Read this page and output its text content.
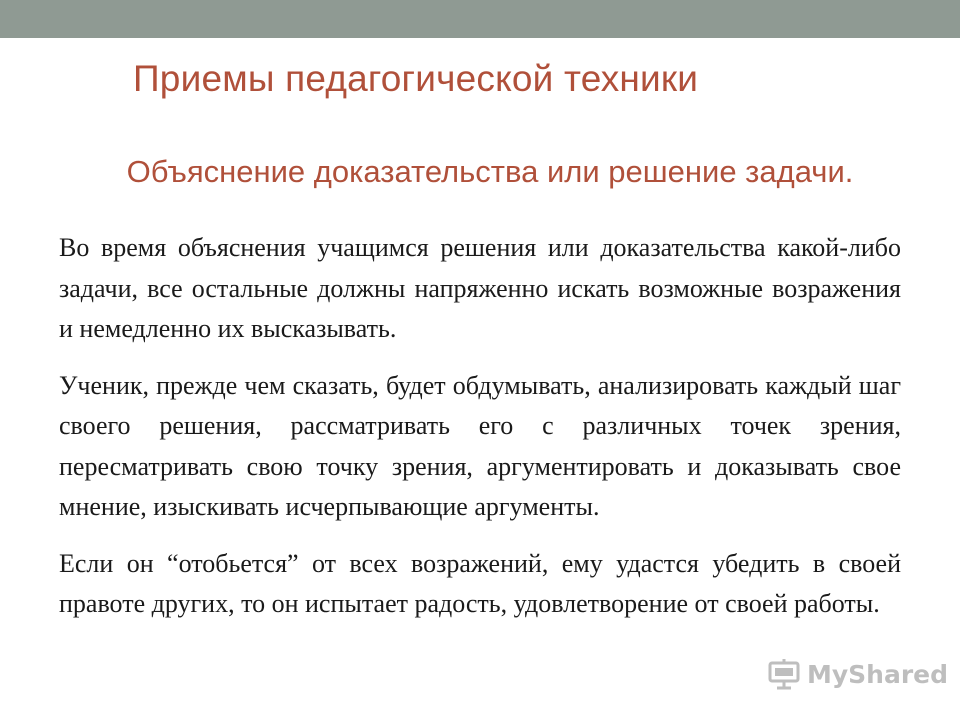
Приемы педагогической техники
Объяснение доказательства или решение задачи.

Во время объяснения учащимся решения или доказательства какой-либо задачи, все остальные должны напряженно искать возможные возражения и немедленно их высказывать.

Ученик, прежде чем сказать, будет обдумывать, анализировать каждый шаг своего решения, рассматривать его с различных точек зрения, пересматривать свою точку зрения, аргументировать и доказывать свое мнение, изыскивать исчерпывающие аргументы.

Если он “отобьется” от всех возражений, ему удастся убедить в своей правоте других, то он испытает радость, удовлетворение от своей работы.

MyShared
